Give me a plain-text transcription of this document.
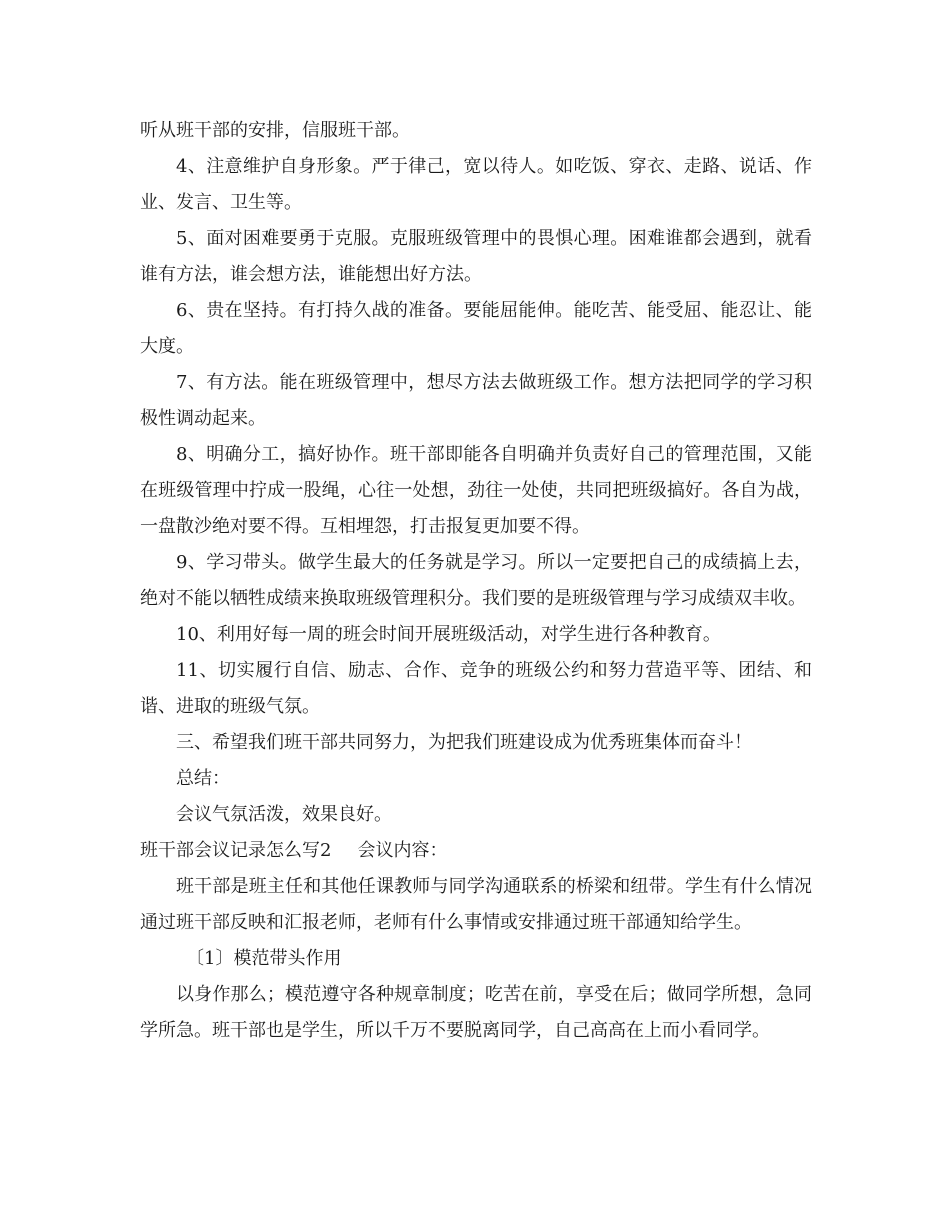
听从班干部的安排，信服班干部。

4、注意维护自身形象。严于律己，宽以待人。如吃饭、穿衣、走路、说话、作业、发言、卫生等。

5、面对困难要勇于克服。克服班级管理中的畏惧心理。困难谁都会遇到，就看谁有方法，谁会想方法，谁能想出好方法。

6、贵在坚持。有打持久战的准备。要能屈能伸。能吃苦、能受屈、能忍让、能大度。

7、有方法。能在班级管理中，想尽方法去做班级工作。想方法把同学的学习积极性调动起来。

8、明确分工，搞好协作。班干部即能各自明确并负责好自己的管理范围，又能在班级管理中拧成一股绳，心往一处想，劲往一处使，共同把班级搞好。各自为战，一盘散沙绝对要不得。互相埋怨，打击报复更加要不得。

9、学习带头。做学生最大的任务就是学习。所以一定要把自己的成绩搞上去，绝对不能以牺牲成绩来换取班级管理积分。我们要的是班级管理与学习成绩双丰收。

10、利用好每一周的班会时间开展班级活动，对学生进行各种教育。

11、切实履行自信、励志、合作、竞争的班级公约和努力营造平等、团结、和谐、进取的班级气氛。

三、希望我们班干部共同努力，为把我们班建设成为优秀班集体而奋斗！

总结：

会议气氛活泼，效果良好。

班干部会议记录怎么写2 会议内容：

班干部是班主任和其他任课教师与同学沟通联系的桥梁和纽带。学生有什么情况通过班干部反映和汇报老师，老师有什么事情或安排通过班干部通知给学生。

〔1〕模范带头作用

以身作那么；模范遵守各种规章制度；吃苦在前，享受在后；做同学所想，急同学所急。班干部也是学生，所以千万不要脱离同学，自己高高在上而小看同学。
